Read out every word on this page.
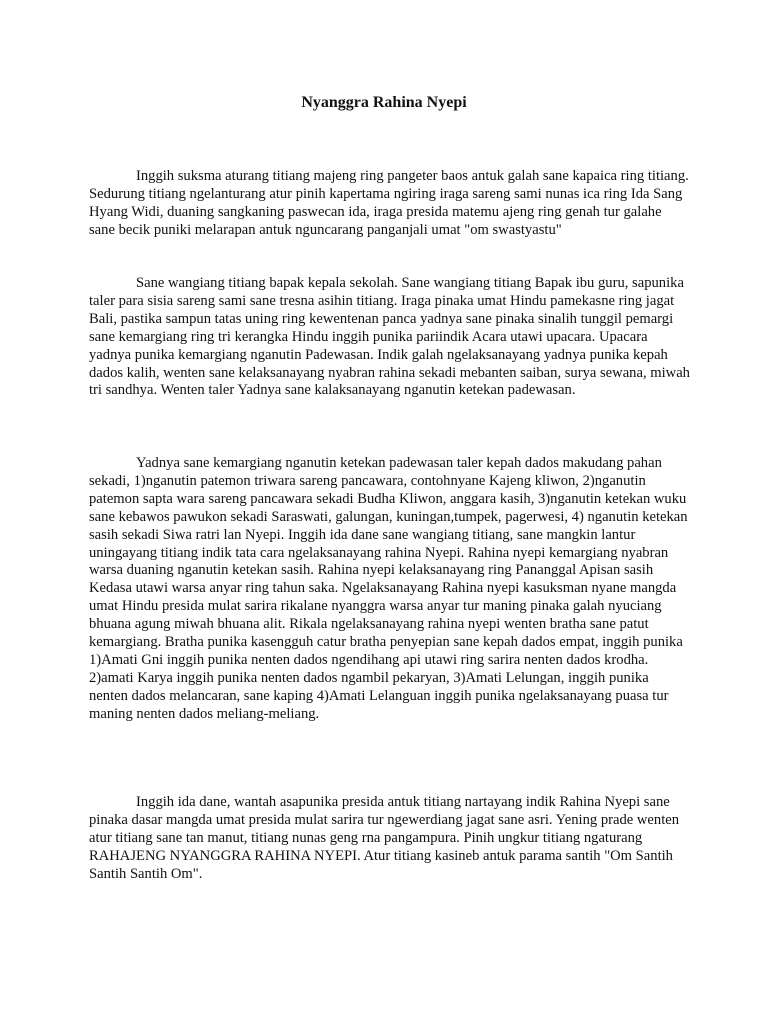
Nyanggra Rahina Nyepi

Inggih suksma aturang titiang majeng ring pangeter baos antuk galah sane kapaica ring titiang. Sedurung titiang ngelanturang atur pinih kapertama ngiring iraga sareng sami nunas ica ring Ida Sang Hyang Widi, duaning sangkaning paswecan ida, iraga presida matemu ajeng ring genah tur galahe sane becik puniki melarapan antuk nguncarang panganjali umat "om swastyastu"

Sane wangiang titiang bapak kepala sekolah. Sane wangiang titiang Bapak ibu guru, sapunika taler para sisia sareng sami sane tresna asihin titiang. Iraga pinaka umat Hindu pamekasne ring jagat Bali, pastika sampun tatas uning ring kewentenan panca yadnya sane pinaka sinalih tunggil pemargi sane kemargiang ring tri kerangka Hindu inggih punika pariindik Acara utawi upacara. Upacara yadnya punika kemargiang nganutin Padewasan. Indik galah ngelaksanayang yadnya punika kepah dados kalih, wenten sane kelaksanayang nyabran rahina sekadi mebanten saiban, surya sewana, miwah tri sandhya. Wenten taler Yadnya sane kalaksanayang nganutin ketekan padewasan.

Yadnya sane kemargiang nganutin ketekan padewasan taler kepah dados makudang pahan sekadi, 1)nganutin patemon triwara sareng pancawara, contohnyane Kajeng kliwon, 2)nganutin patemon sapta wara sareng pancawara sekadi Budha Kliwon, anggara kasih, 3)nganutin ketekan wuku sane kebawos pawukon sekadi Saraswati, galungan, kuningan,tumpek, pagerwesi, 4) nganutin ketekan sasih sekadi Siwa ratri lan Nyepi. Inggih ida dane sane wangiang titiang, sane mangkin lantur uningayang titiang indik tata cara ngelaksanayang rahina Nyepi. Rahina nyepi kemargiang nyabran warsa duaning nganutin ketekan sasih. Rahina nyepi kelaksanayang ring Pananggal Apisan sasih Kedasa utawi warsa anyar ring tahun saka. Ngelaksanayang Rahina nyepi kasuksman nyane mangda umat Hindu presida mulat sarira rikalane nyanggra warsa anyar tur maning pinaka galah nyuciang bhuana agung miwah bhuana alit. Rikala ngelaksanayang rahina nyepi wenten bratha sane patut kemargiang. Bratha punika kasengguh catur bratha penyepian sane kepah dados empat, inggih punika 1)Amati Gni inggih punika nenten dados ngendihang api utawi ring sarira nenten dados krodha. 2)amati Karya inggih punika nenten dados ngambil pekaryan, 3)Amati Lelungan, inggih punika nenten dados melancaran, sane kaping 4)Amati Lelanguan inggih punika ngelaksanayang puasa tur maning nenten dados meliang-meliang.

Inggih ida dane, wantah asapunika presida antuk titiang nartayang indik Rahina Nyepi sane pinaka dasar mangda umat presida mulat sarira tur ngewerdiang jagat sane asri. Yening prade wenten atur titiang sane tan manut, titiang nunas geng rna pangampura. Pinih ungkur titiang ngaturang RAHAJENG NYANGGRA RAHINA NYEPI. Atur titiang kasineb antuk parama santih "Om Santih Santih Santih Om".
